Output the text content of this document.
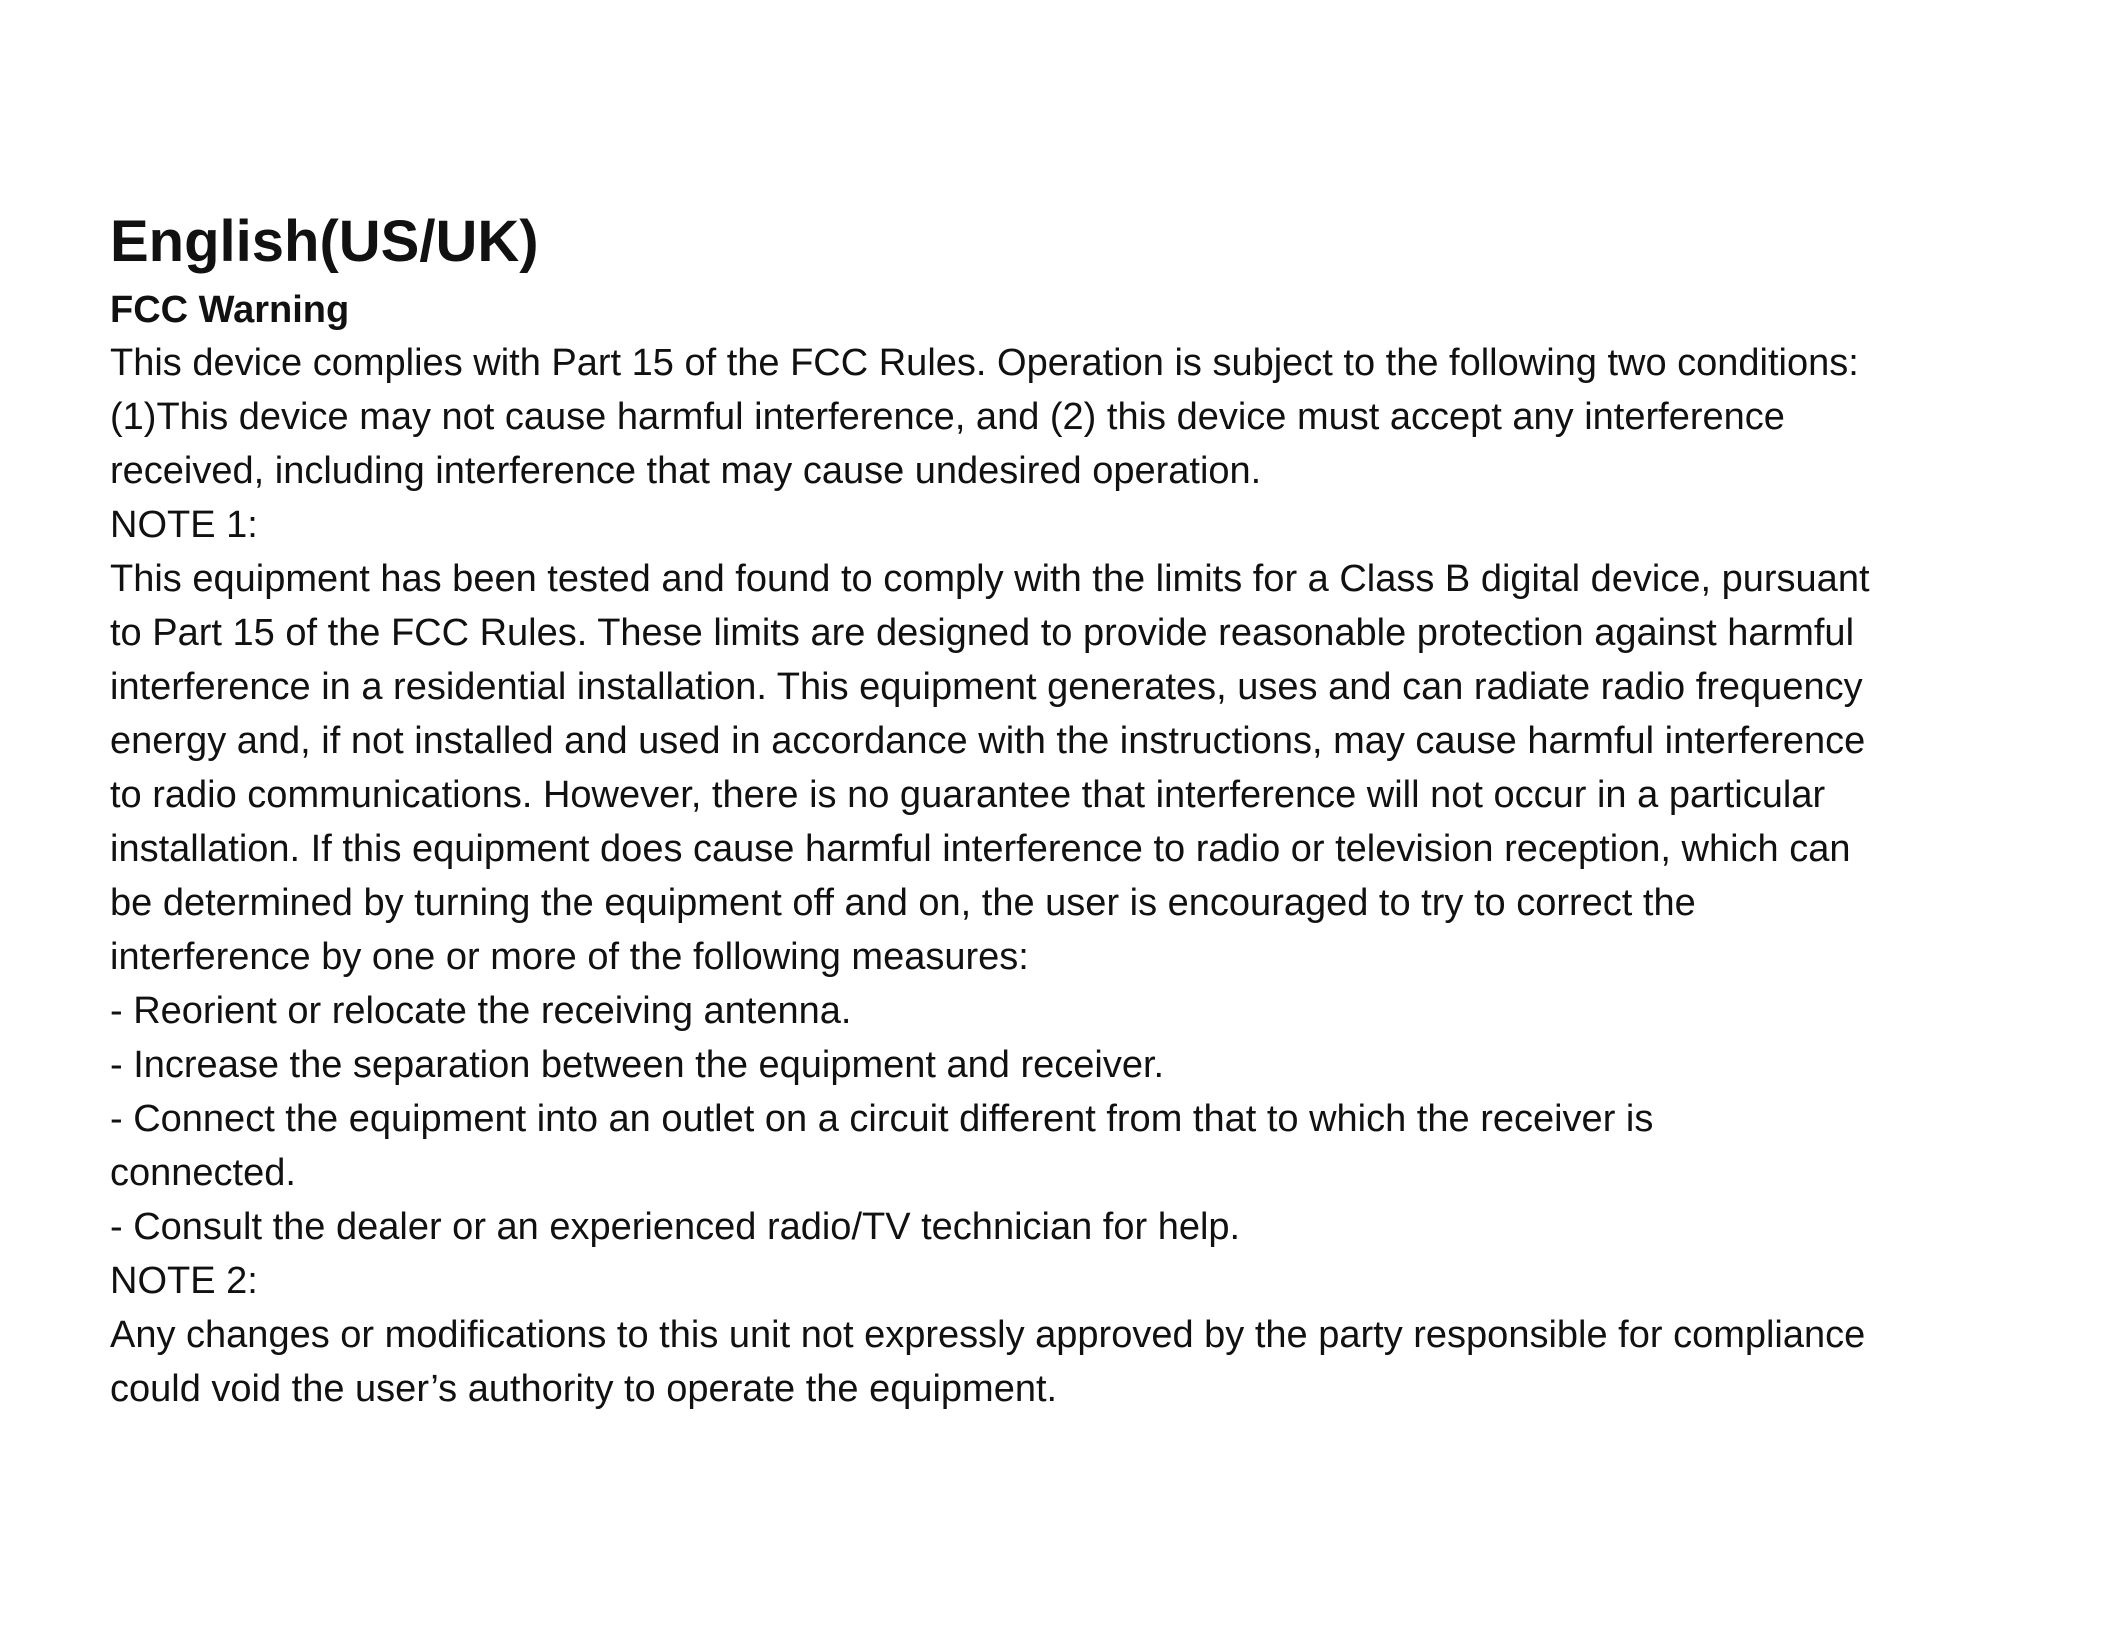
English(US/UK)
FCC Warning

This device complies with Part 15 of the FCC Rules. Operation is subject to the following two conditions:

(1)This device may not cause harmful interference, and (2) this device must accept any interference

received, including interference that may cause undesired operation.

NOTE 1:

This equipment has been tested and found to comply with the limits for a Class B digital device, pursuant

to Part 15 of the FCC Rules. These limits are designed to provide reasonable protection against harmful

interference in a residential installation. This equipment generates, uses and can radiate radio frequency

energy and, if not installed and used in accordance with the instructions, may cause harmful interference

to radio communications. However, there is no guarantee that interference will not occur in a particular

installation. If this equipment does cause harmful interference to radio or television reception, which can

be determined by turning the equipment off and on, the user is encouraged to try to correct the

interference by one or more of the following measures:

- Reorient or relocate the receiving antenna.

- Increase the separation between the equipment and receiver.

- Connect the equipment into an outlet on a circuit different from that to which the receiver is

connected.

- Consult the dealer or an experienced radio/TV technician for help.

NOTE 2:

Any changes or modifications to this unit not expressly approved by the party responsible for compliance

could void the user’s authority to operate the equipment.
